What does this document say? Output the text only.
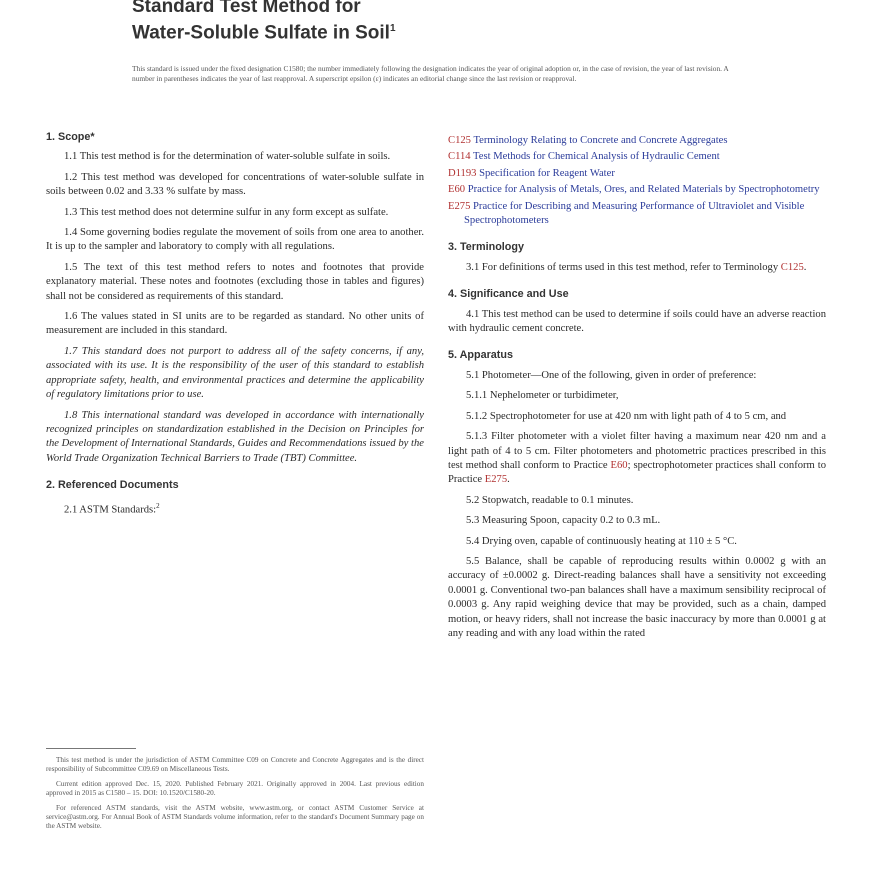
Standard Test Method for
Water-Soluble Sulfate in Soil$^1$
This standard is issued under the fixed designation C1580; the number immediately following the designation indicates the year of original adoption or, in the case of revision, the year of last revision. A number in parentheses indicates the year of last reapproval. A superscript epsilon (ε) indicates an editorial change since the last revision or reapproval.
1. Scope*

1.1 This test method is for the determination of water-soluble sulfate in soils.

1.2 This test method was developed for concentrations of water-soluble sulfate in soils between 0.02 and 3.33 % sulfate by mass.

1.3 This test method does not determine sulfur in any form except as sulfate.

1.4 Some governing bodies regulate the movement of soils from one area to another. It is up to the sampler and laboratory to comply with all regulations.

1.5 The text of this test method refers to notes and footnotes that provide explanatory material. These notes and footnotes (excluding those in tables and figures) shall not be considered as requirements of this standard.

1.6 The values stated in SI units are to be regarded as standard. No other units of measurement are included in this standard.

1.7 This standard does not purport to address all of the safety concerns, if any, associated with its use. It is the responsibility of the user of this standard to establish appropriate safety, health, and environmental practices and determine the applicability of regulatory limitations prior to use.

1.8 This international standard was developed in accordance with internationally recognized principles on standardization established in the Decision on Principles for the Development of International Standards, Guides and Recommendations issued by the World Trade Organization Technical Barriers to Trade (TBT) Committee.

2. Referenced Documents

2.1 ASTM Standards:$^2$

This test method is under the jurisdiction of ASTM Committee C09 on Concrete and Concrete Aggregates and is the direct responsibility of Subcommittee C09.69 on Miscellaneous Tests.

Current edition approved Dec. 15, 2020. Published February 2021. Originally approved in 2004. Last previous edition approved in 2015 as C1580 – 15. DOI: 10.1520/C1580-20.

For referenced ASTM standards, visit the ASTM website, www.astm.org, or contact ASTM Customer Service at service@astm.org. For Annual Book of ASTM Standards volume information, refer to the standard's Document Summary page on the ASTM website.

C125 Terminology Relating to Concrete and Concrete Aggregates

C114 Test Methods for Chemical Analysis of Hydraulic Cement

D1193 Specification for Reagent Water

E60 Practice for Analysis of Metals, Ores, and Related Materials by Spectrophotometry

E275 Practice for Describing and Measuring Performance of Ultraviolet and Visible Spectrophotometers

3. Terminology

3.1 For definitions of terms used in this test method, refer to Terminology C125.

4. Significance and Use

4.1 This test method can be used to determine if soils could have an adverse reaction with hydraulic cement concrete.

5. Apparatus

5.1 Photometer—One of the following, given in order of preference:

5.1.1 Nephelometer or turbidimeter,

5.1.2 Spectrophotometer for use at 420 nm with light path of 4 to 5 cm, and

5.1.3 Filter photometer with a violet filter having a maximum near 420 nm and a light path of 4 to 5 cm. Filter photometers and photometric practices prescribed in this test method shall conform to Practice E60; spectrophotometer practices shall conform to Practice E275.

5.2 Stopwatch, readable to 0.1 minutes.

5.3 Measuring Spoon, capacity 0.2 to 0.3 mL.

5.4 Drying oven, capable of continuously heating at 110 ± 5 °C.

5.5 Balance, shall be capable of reproducing results within 0.0002 g with an accuracy of ±0.0002 g. Direct-reading balances shall have a sensitivity not exceeding 0.0001 g. Conventional two-pan balances shall have a maximum sensibility reciprocal of 0.0003 g. Any rapid weighing device that may be provided, such as a chain, damped motion, or heavy riders, shall not increase the basic inaccuracy by more than 0.0001 g at any reading and with any load within the rated
